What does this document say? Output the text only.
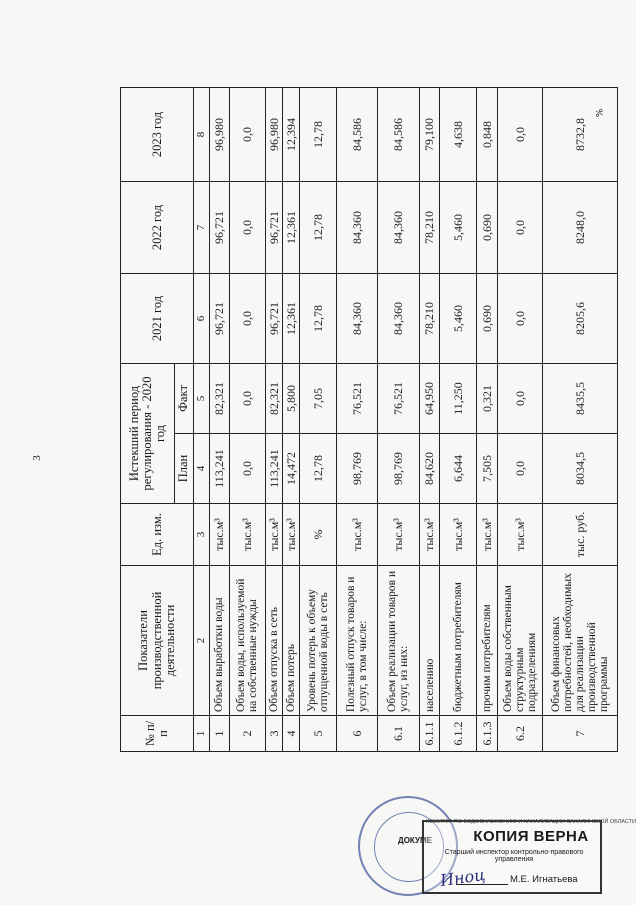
3
%
№ п/п	Показатели производственной деятельности	Ед. изм.	Истекший период регулирования - 2020 год		2021 год	2022 год	2023 год
			План	Факт			
1	2	3	4	5	6	7	8
1	Объем выработки воды	тыс.м³	113,241	82,321	96,721	96,721	96,980
2	Объем воды, используемой на собственные нужды	тыс.м³	0,0	0,0	0,0	0,0	0,0
3	Объем отпуска в сеть	тыс.м³	113,241	82,321	96,721	96,721	96,980
4	Объем потерь	тыс.м³	14,472	5,800	12,361	12,361	12,394
5	Уровень потерь к объему отпущенной воды в сеть	%	12,78	7,05	12,78	12,78	12,78
6	Полезный отпуск товаров и услуг, в том числе:	тыс.м³	98,769	76,521	84,360	84,360	84,586
6.1	Объем реализации товаров и услуг, из них:	тыс.м³	98,769	76,521	84,360	84,360	84,586
6.1.1	населению	тыс.м³	84,620	64,950	78,210	78,210	79,100
6.1.2	бюджетным потребителям	тыс.м³	6,644	11,250	5,460	5,460	4,638
6.1.3	прочим потребителям	тыс.м³	7,505	0,321	0,690	0,690	0,848
6.2	Объем воды собственным структурным подразделениям	тыс.м³	0,0	0,0	0,0	0,0	0,0
7	Объем финансовых потребностей, необходимых для реализации производственной программы	тыс. руб.	8034,5	8435,5	8205,6	8248,0	8732,8
ДОКУМЕ
КОМИТЕТ ПО ВОДОСНАБЖЕНИЮ И КАНАЛИЗАЦИИ САХАЛИНСКОЙ ОБЛАСТИ
КОПИЯ ВЕРНА
Старший инспектор контрольно-правового управления
М.Е. Игнатьева
Иноц
